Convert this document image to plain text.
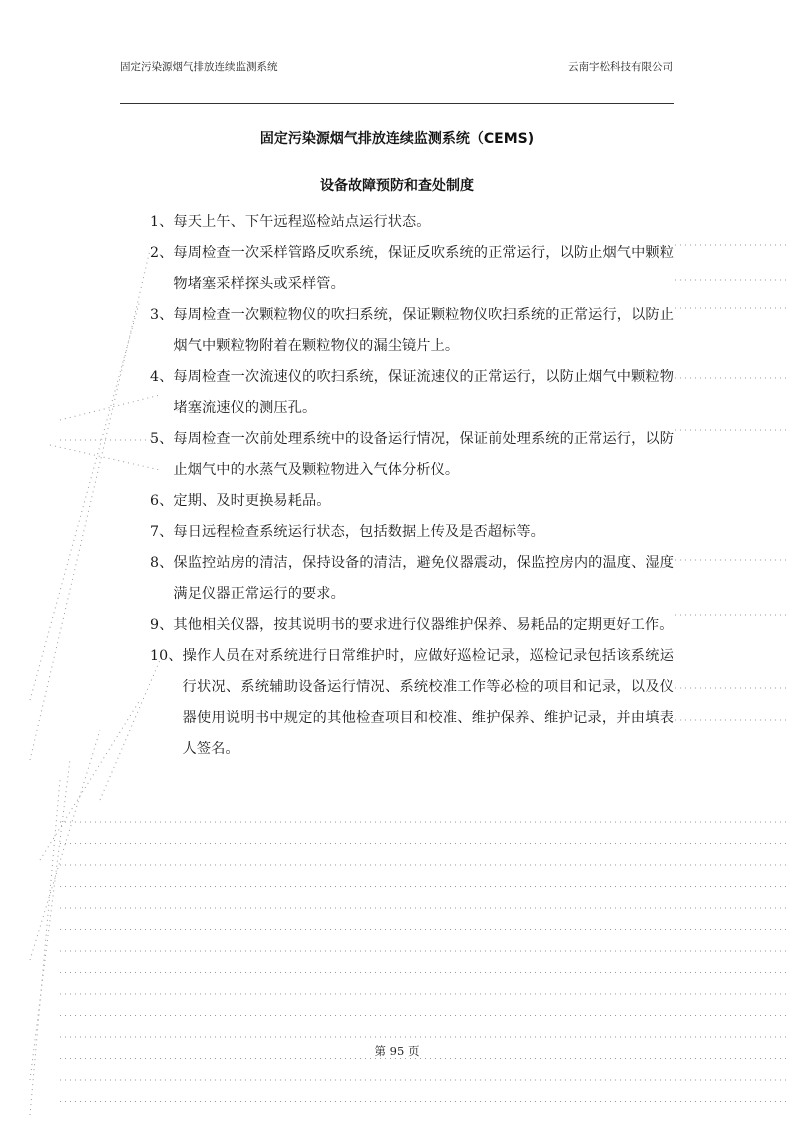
固定污染源烟气排放连续监测系统	云南宇松科技有限公司
固定污染源烟气排放连续监测系统（CEMS)
设备故障预防和查处制度
1、 每天上午、下午远程巡检站点运行状态。
2、 每周检查一次采样管路反吹系统，保证反吹系统的正常运行，以防止烟气中颗粒物堵塞采样探头或采样管。
3、 每周检查一次颗粒物仪的吹扫系统，保证颗粒物仪吹扫系统的正常运行，以防止烟气中颗粒物附着在颗粒物仪的漏尘镜片上。
4、 每周检查一次流速仪的吹扫系统，保证流速仪的正常运行，以防止烟气中颗粒物堵塞流速仪的测压孔。
5、 每周检查一次前处理系统中的设备运行情况，保证前处理系统的正常运行，以防止烟气中的水蒸气及颗粒物进入气体分析仪。
6、 定期、及时更换易耗品。
7、 每日远程检查系统运行状态，包括数据上传及是否超标等。
8、 保监控站房的清洁，保持设备的清洁，避免仪器震动，保监控房内的温度、湿度满足仪器正常运行的要求。
9、 其他相关仪器，按其说明书的要求进行仪器维护保养、易耗品的定期更好工作。
10、 操作人员在对系统进行日常维护时，应做好巡检记录，巡检记录包括该系统运行状况、系统辅助设备运行情况、系统校准工作等必检的项目和记录，以及仪器使用说明书中规定的其他检查项目和校准、维护保养、维护记录，并由填表人签名。
第 95 页
